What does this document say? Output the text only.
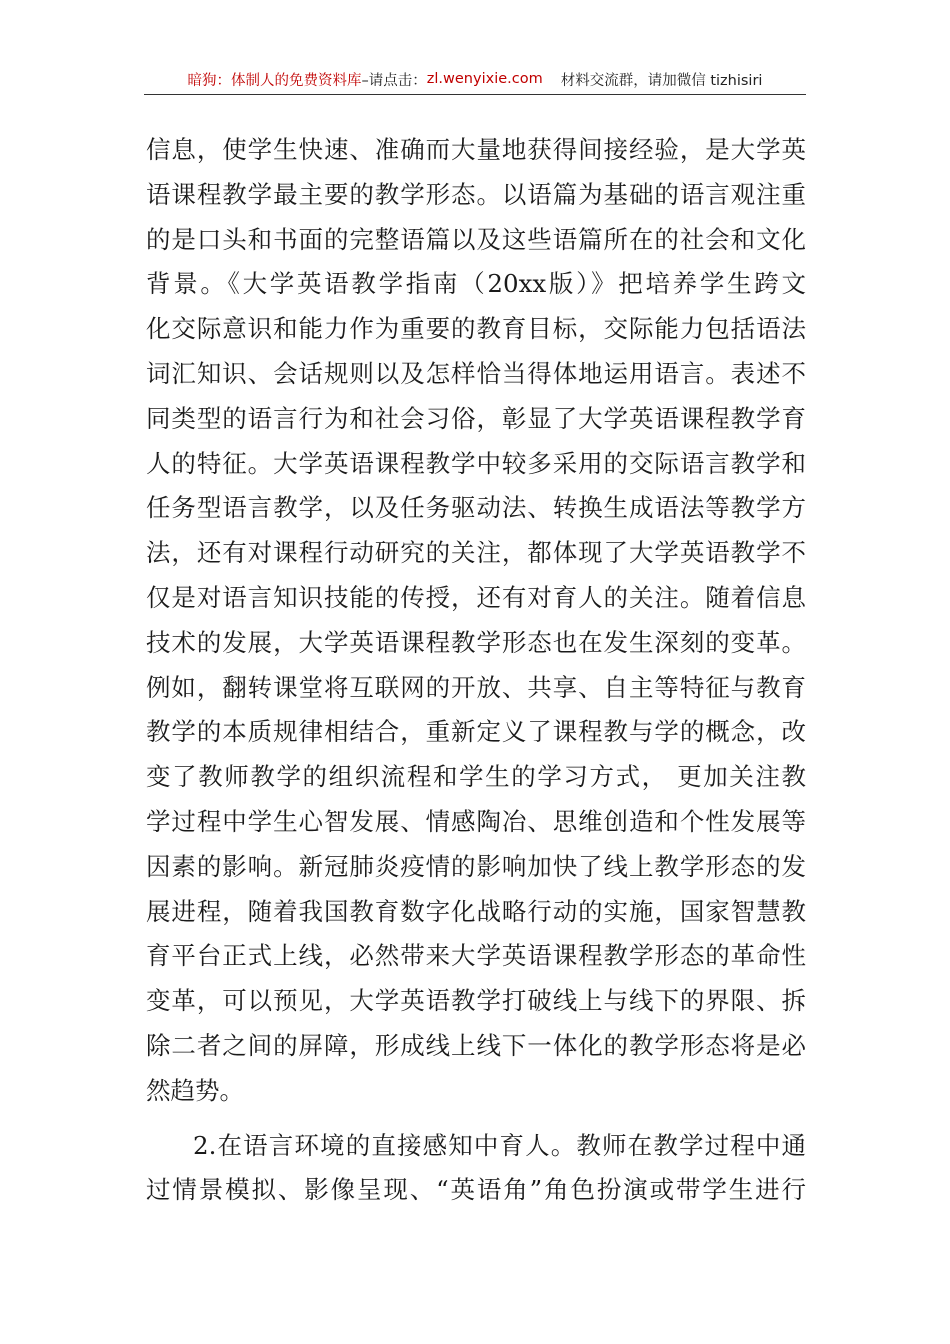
暗狗：体制人的免费资料库 –请点击： zl.wenyixie.com 材料交流群，请加微信 tizhisiri
信息，使学生快速、准确而大量地获得间接经验，是大学英
语课程教学最主要的教学形态。以语篇为基础的语言观注重
的是口头和书面的完整语篇以及这些语篇所在的社会和文化
背景。《大学英语教学指南（20xx版）》把培养学生跨文
化交际意识和能力作为重要的教育目标，交际能力包括语法
词汇知识、会话规则以及怎样恰当得体地运用语言。表述不
同类型的语言行为和社会习俗，彰显了大学英语课程教学育
人的特征。大学英语课程教学中较多采用的交际语言教学和
任务型语言教学，以及任务驱动法、转换生成语法等教学方
法，还有对课程行动研究的关注，都体现了大学英语教学不
仅是对语言知识技能的传授，还有对育人的关注。随着信息
技术的发展，大学英语课程教学形态也在发生深刻的变革。
例如，翻转课堂将互联网的开放、共享、自主等特征与教育
教学的本质规律相结合，重新定义了课程教与学的概念，改
变了教师教学的组织流程和学生的学习方式， 更加关注教
学过程中学生心智发展、情感陶冶、思维创造和个性发展等
因素的影响。新冠肺炎疫情的影响加快了线上教学形态的发
展进程，随着我国教育数字化战略行动的实施，国家智慧教
育平台正式上线，必然带来大学英语课程教学形态的革命性
变革，可以预见，大学英语教学打破线上与线下的界限、拆
除二者之间的屏障，形成线上线下一体化的教学形态将是必
然趋势。
2.在语言环境的直接感知中育人。教师在教学过程中通
过情景模拟、影像呈现、“英语角”角色扮演或带学生进行
